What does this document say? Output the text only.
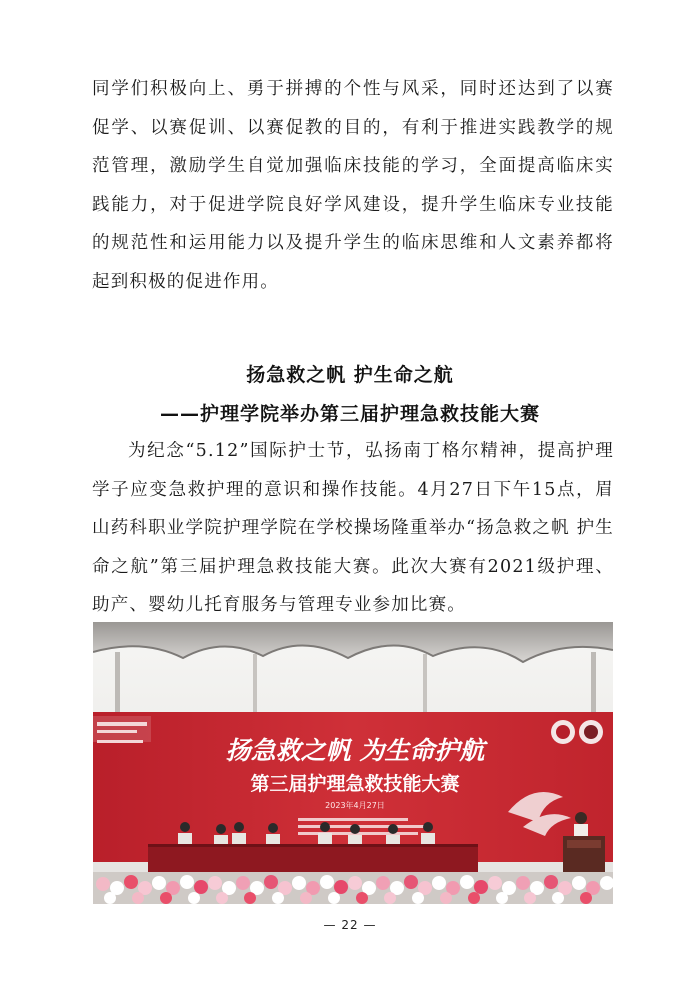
同学们积极向上、勇于拼搏的个性与风采，同时还达到了以赛促学、以赛促训、以赛促教的目的，有利于推进实践教学的规范管理，激励学生自觉加强临床技能的学习，全面提高临床实践能力，对于促进学院良好学风建设，提升学生临床专业技能的规范性和运用能力以及提升学生的临床思维和人文素养都将起到积极的促进作用。
扬急救之帆 护生命之航
——护理学院举办第三届护理急救技能大赛
为纪念“5.12”国际护士节，弘扬南丁格尔精神，提高护理学子应变急救护理的意识和操作技能。4月27日下午15点，眉山药科职业学院护理学院在学校操场隆重举办“扬急救之帆 护生命之航”第三届护理急救技能大赛。此次大赛有2021级护理、助产、婴幼儿托育服务与管理专业参加比赛。
扬急救之帆 为生命护航
第三届护理急救技能大赛
2023年4月27日
— 22 —
